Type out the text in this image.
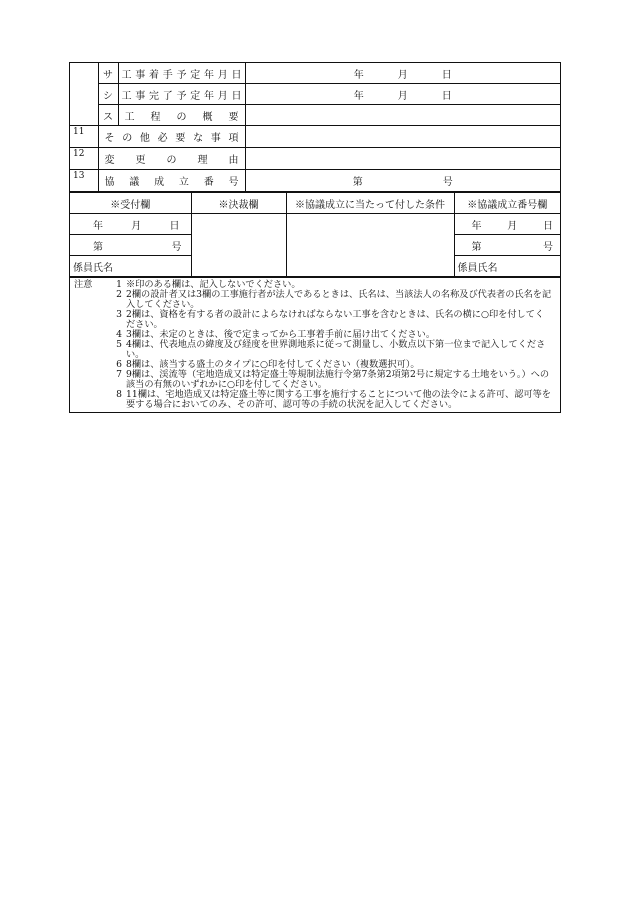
	サ	工事着手予定年月日	年 月 日

	シ	工事完了予定年月日	年 月 日

	ス	工程の概要	
11	その他必要な事項		
12	変更の理由		
13	協議成立番号		第 号
※受付欄	※決裁欄	※協議成立に当たって付した条件	※協議成立番号欄

年 月 日			年 月 日

第 号			第 号

係員氏名			係員氏名
注意	1 ※印のある欄は、記入しないでください。
2 2欄の設計者又は3欄の工事施行者が法人であるときは、氏名は、当該法人の名称及び代表者の氏名を記入してください。
3 2欄は、資格を有する者の設計によらなければならない工事を含むときは、氏名の横に○印を付してください。
4 3欄は、未定のときは、後で定まってから工事着手前に届け出てください。
5 4欄は、代表地点の緯度及び経度を世界測地系に従って測量し、小数点以下第一位まで記入してください。
6 8欄は、該当する盛土のタイプに○印を付してください（複数選択可）。
7 9欄は、渓流等（宅地造成又は特定盛土等規制法施行令第7条第2項第2号に規定する土地をいう。）への該当の有無のいずれかに○印を付してください。
8 11欄は、宅地造成又は特定盛土等に関する工事を施行することについて他の法令による許可、認可等を要する場合においてのみ、その許可、認可等の手続の状況を記入してください。
